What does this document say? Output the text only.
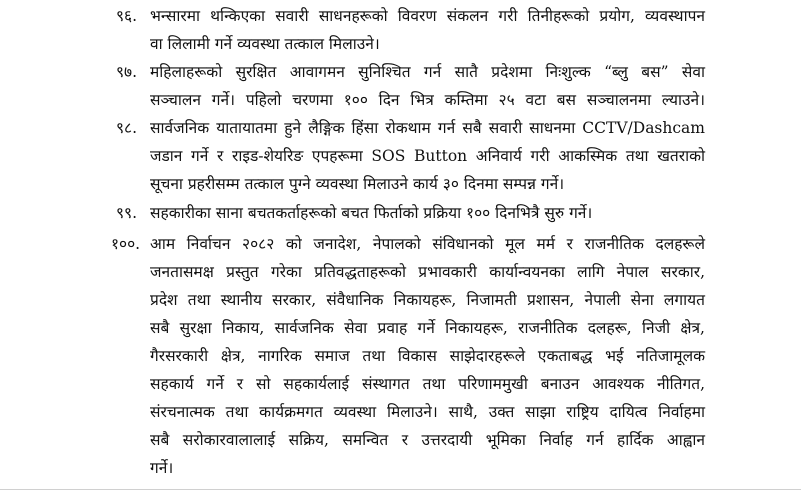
९६. भन्सारमा थन्किएका सवारी साधनहरूको विवरण संकलन गरी तिनीहरूको प्रयोग, व्यवस्थापन
वा लिलामी गर्ने व्यवस्था तत्काल मिलाउने।
९७. महिलाहरूको सुरक्षित आवागमन सुनिश्चित गर्न सातै प्रदेशमा निःशुल्क “ब्लु बस” सेवा
सञ्चालन गर्ने। पहिलो चरणमा १०० दिन भित्र कम्तिमा २५ वटा बस सञ्चालनमा ल्याउने।
९८. सार्वजनिक यातायातमा हुने लैङ्गिक हिंसा रोकथाम गर्न सबै सवारी साधनमा CCTV/Dashcam
जडान गर्ने र राइड-शेयरिङ एपहरूमा SOS Button अनिवार्य गरी आकस्मिक तथा खतराको
सूचना प्रहरीसम्म तत्काल पुग्ने व्यवस्था मिलाउने कार्य ३० दिनमा सम्पन्न गर्ने।
९९. सहकारीका साना बचतकर्ताहरूको बचत फिर्ताको प्रक्रिया १०० दिनभित्रै सुरु गर्ने।
१००. आम निर्वाचन २०८२ को जनादेश, नेपालको संविधानको मूल मर्म र राजनीतिक दलहरूले
जनतासमक्ष प्रस्तुत गरेका प्रतिवद्धताहरूको प्रभावकारी कार्यान्वयनका लागि नेपाल सरकार,
प्रदेश तथा स्थानीय सरकार, संवैधानिक निकायहरू, निजामती प्रशासन, नेपाली सेना लगायत
सबै सुरक्षा निकाय, सार्वजनिक सेवा प्रवाह गर्ने निकायहरू, राजनीतिक दलहरू, निजी क्षेत्र,
गैरसरकारी क्षेत्र, नागरिक समाज तथा विकास साझेदारहरूले एकताबद्ध भई नतिजामूलक
सहकार्य गर्ने र सो सहकार्यलाई संस्थागत तथा परिणाममुखी बनाउन आवश्यक नीतिगत,
संरचनात्मक तथा कार्यक्रमगत व्यवस्था मिलाउने। साथै, उक्त साझा राष्ट्रिय दायित्व निर्वाहमा
सबै सरोकारवालालाई सक्रिय, समन्वित र उत्तरदायी भूमिका निर्वाह गर्न हार्दिक आह्वान
गर्ने।
